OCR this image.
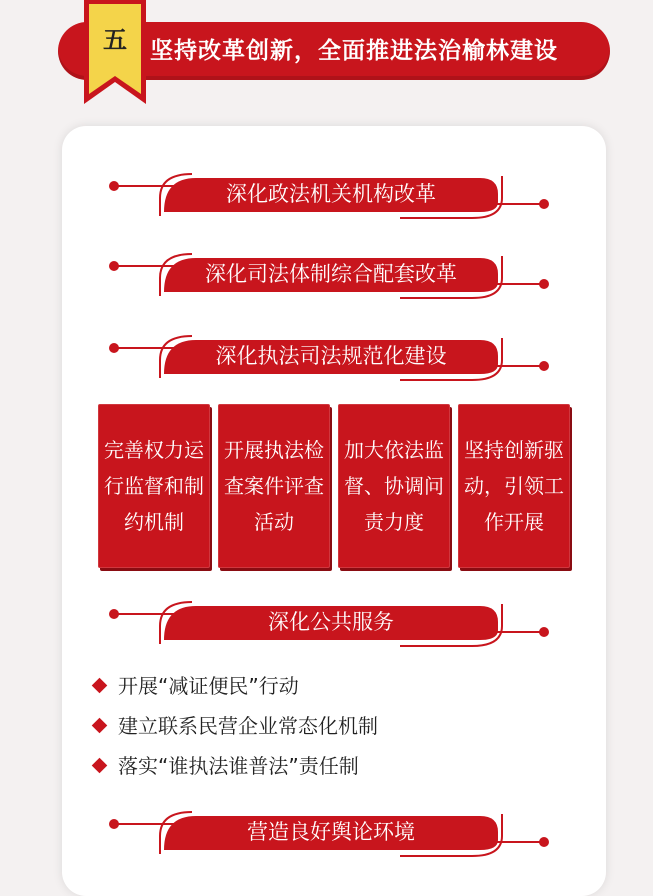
五	坚持改革创新，全面推进法治榆林建设
深化政法机关机构改革
深化司法体制综合配套改革
深化执法司法规范化建设
完善权力运行监督和制约机制
开展执法检查案件评查活动
加大依法监督、协调问责力度
坚持创新驱动，引领工作开展
深化公共服务
开展“减证便民”行动
建立联系民营企业常态化机制
落实“谁执法谁普法”责任制
营造良好舆论环境
